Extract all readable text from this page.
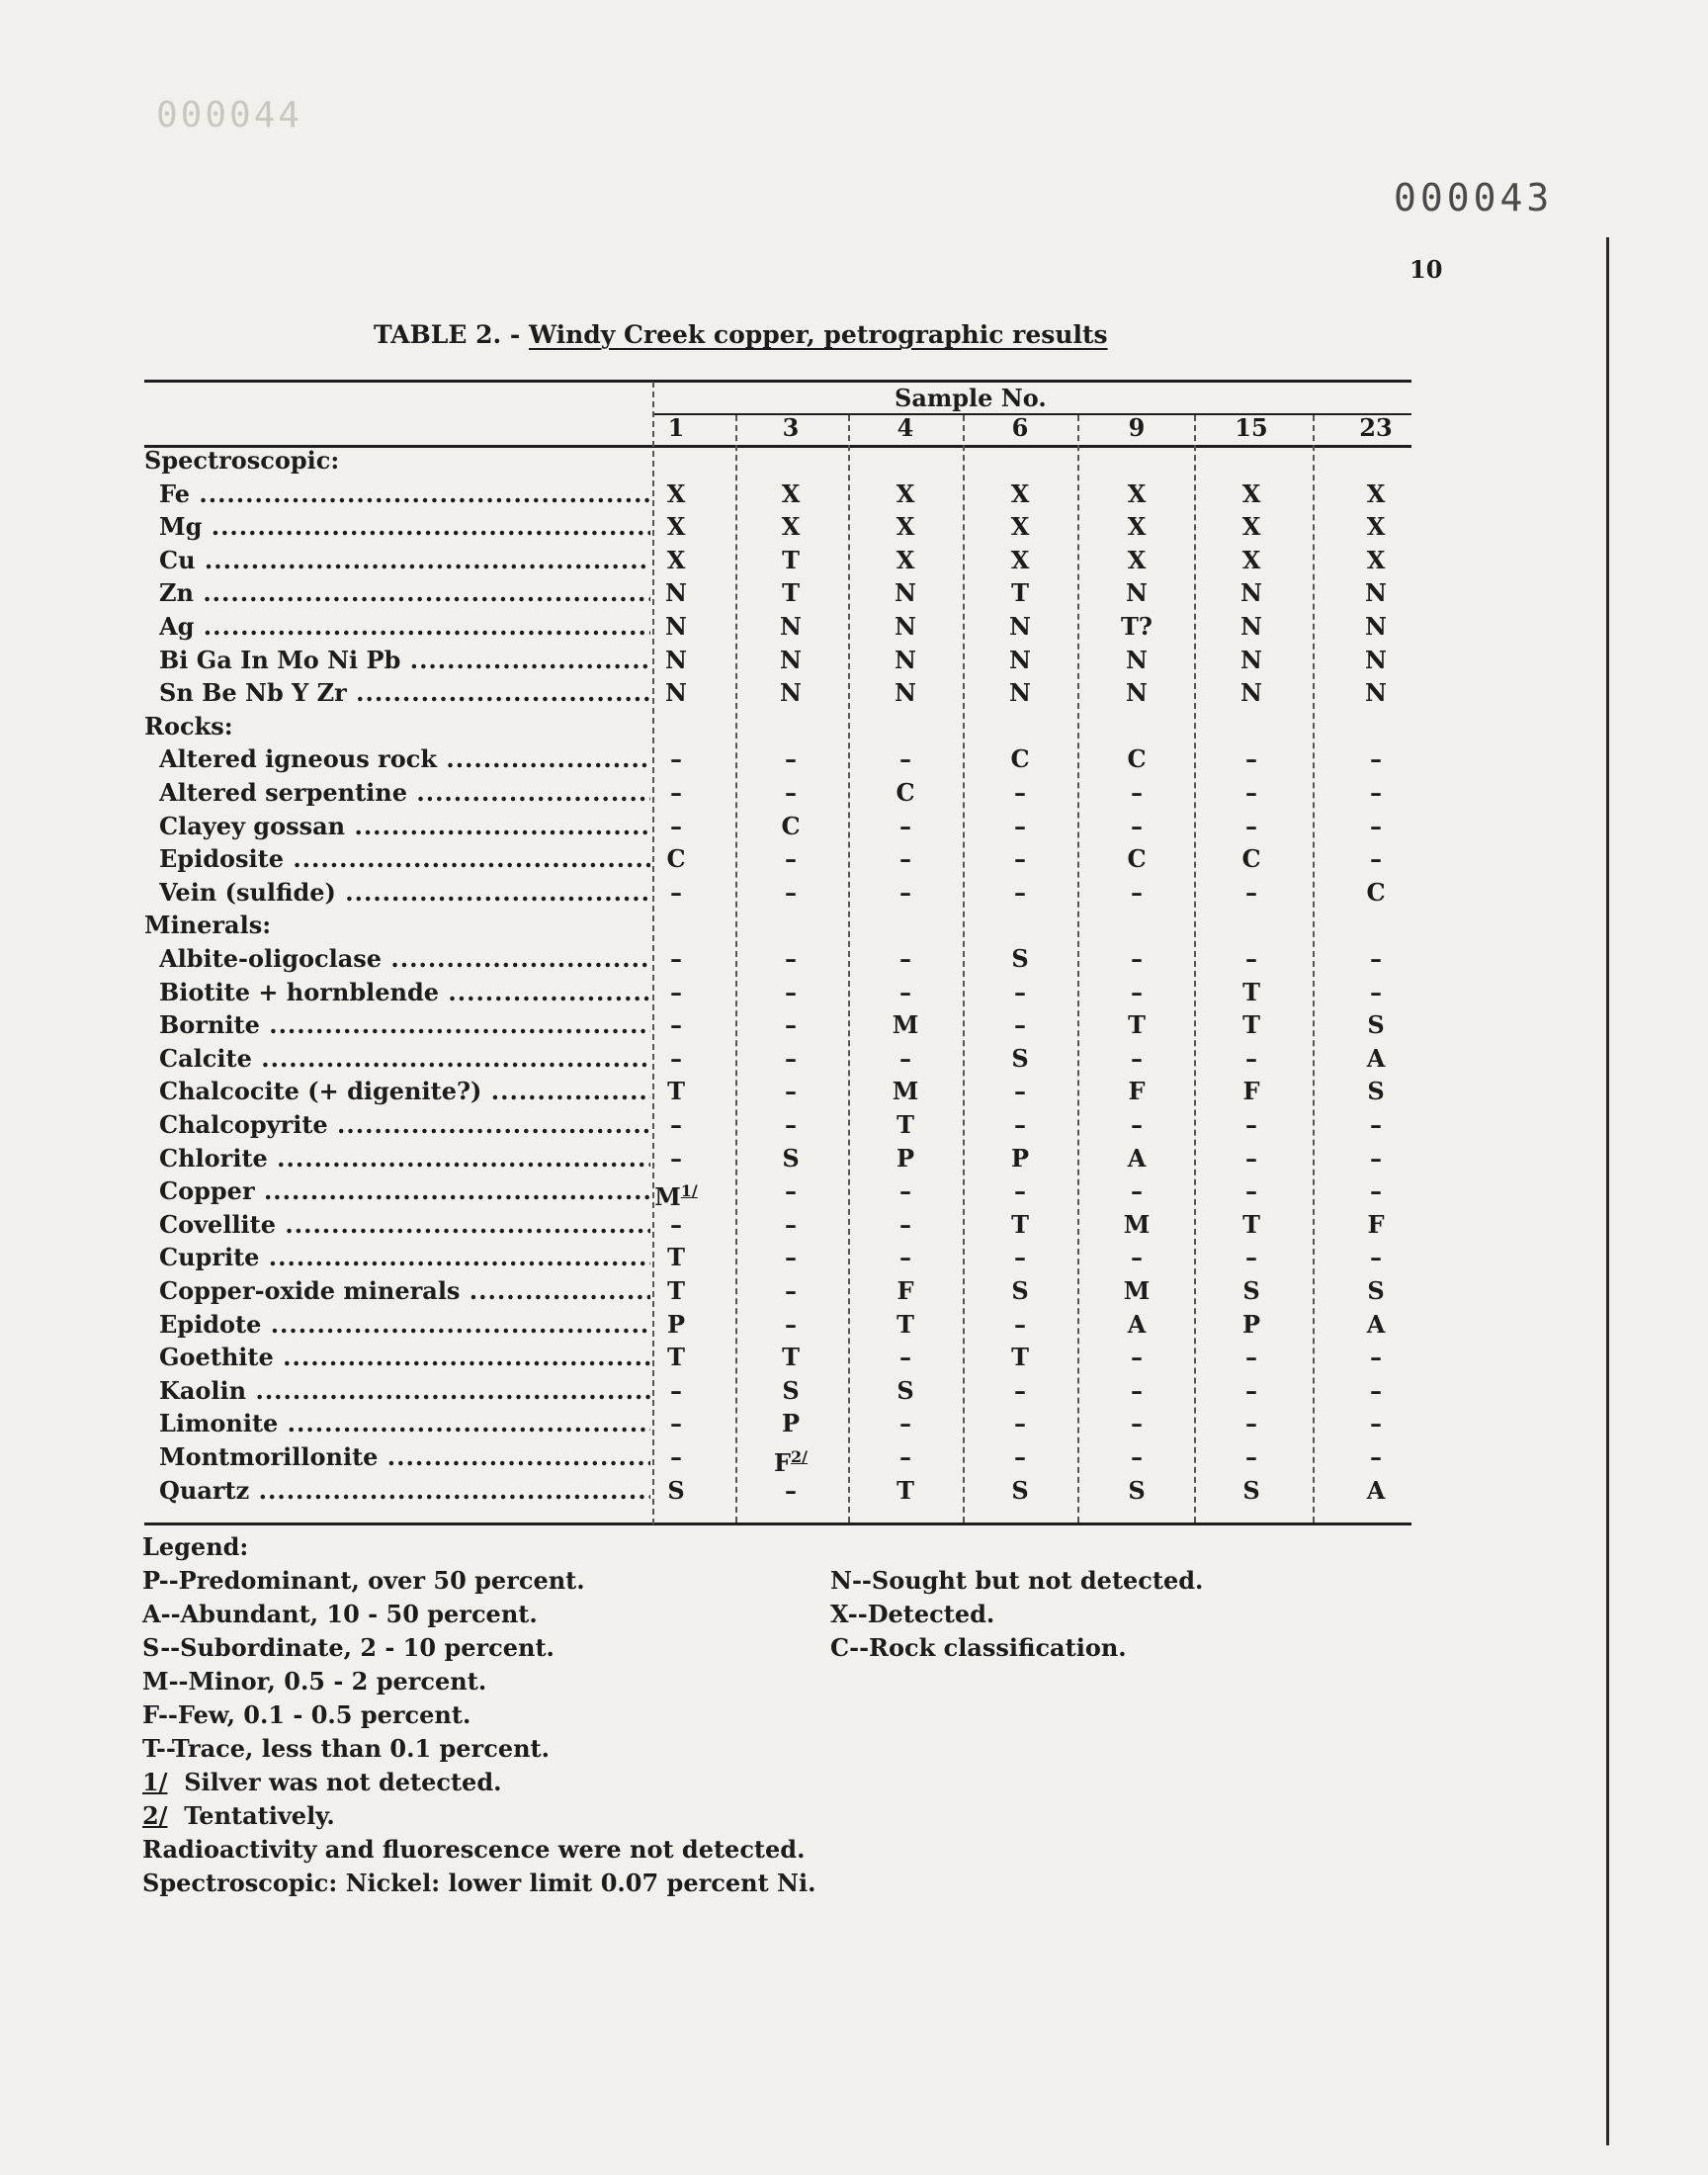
000044
000043
10
TABLE 2. - Windy Creek copper, petrographic results
Sample No.
1	3	4	6	9	15	23
Spectroscopic:
Fe .....	X	X	X	X	X	X	X
Mg .....	X	X	X	X	X	X	X
Cu .....	X	T	X	X	X	X	X
Zn .....	N	T	N	T	N	N	N
Ag .....	N	N	N	N	T?	N	N
Bi Ga In Mo Ni Pb .....	N	N	N	N	N	N	N
Sn Be Nb Y Zr .....	N	N	N	N	N	N	N
Rocks:
Altered igneous rock .....	–	–	–	C	C	–	–
Altered serpentine .....	–	–	C	–	–	–	–
Clayey gossan .....	–	C	–	–	–	–	–
Epidosite .....	C	–	–	–	C	C	–
Vein (sulfide) .....	–	–	–	–	–	–	C
Minerals:
Albite-oligoclase .....	–	–	–	S	–	–	–
Biotite + hornblende .....	–	–	–	–	–	T	–
Bornite .....	–	–	M	–	T	T	S
Calcite .....	–	–	–	S	–	–	A
Chalcocite (+ digenite?) .....	T	–	M	–	F	F	S
Chalcopyrite .....	–	–	T	–	–	–	–
Chlorite .....	–	S	P	P	A	–	–
Copper .....	M$^{1/}$	–	–	–	–	–	–
Covellite .....	–	–	–	T	M	T	F
Cuprite .....	T	–	–	–	–	–	–
Copper-oxide minerals .....	T	–	F	S	M	S	S
Epidote .....	P	–	T	–	A	P	A
Goethite .....	T	T	–	T	–	–	–
Kaolin .....	–	S	S	–	–	–	–
Limonite .....	–	P	–	–	–	–	–
Montmorillonite .....	–	F$^{2/}$	–	–	–	–	–
Quartz .....	S	–	T	S	S	S	A
Legend:
P--Predominant, over 50 percent.
A--Abundant, 10 - 50 percent.
S--Subordinate, 2 - 10 percent.
M--Minor, 0.5 - 2 percent.
F--Few, 0.1 - 0.5 percent.
T--Trace, less than 0.1 percent.
N--Sought but not detected.
X--Detected.
C--Rock classification.
1/ Silver was not detected.
2/ Tentatively.
Radioactivity and fluorescence were not detected.
Spectroscopic: Nickel: lower limit 0.07 percent Ni.
